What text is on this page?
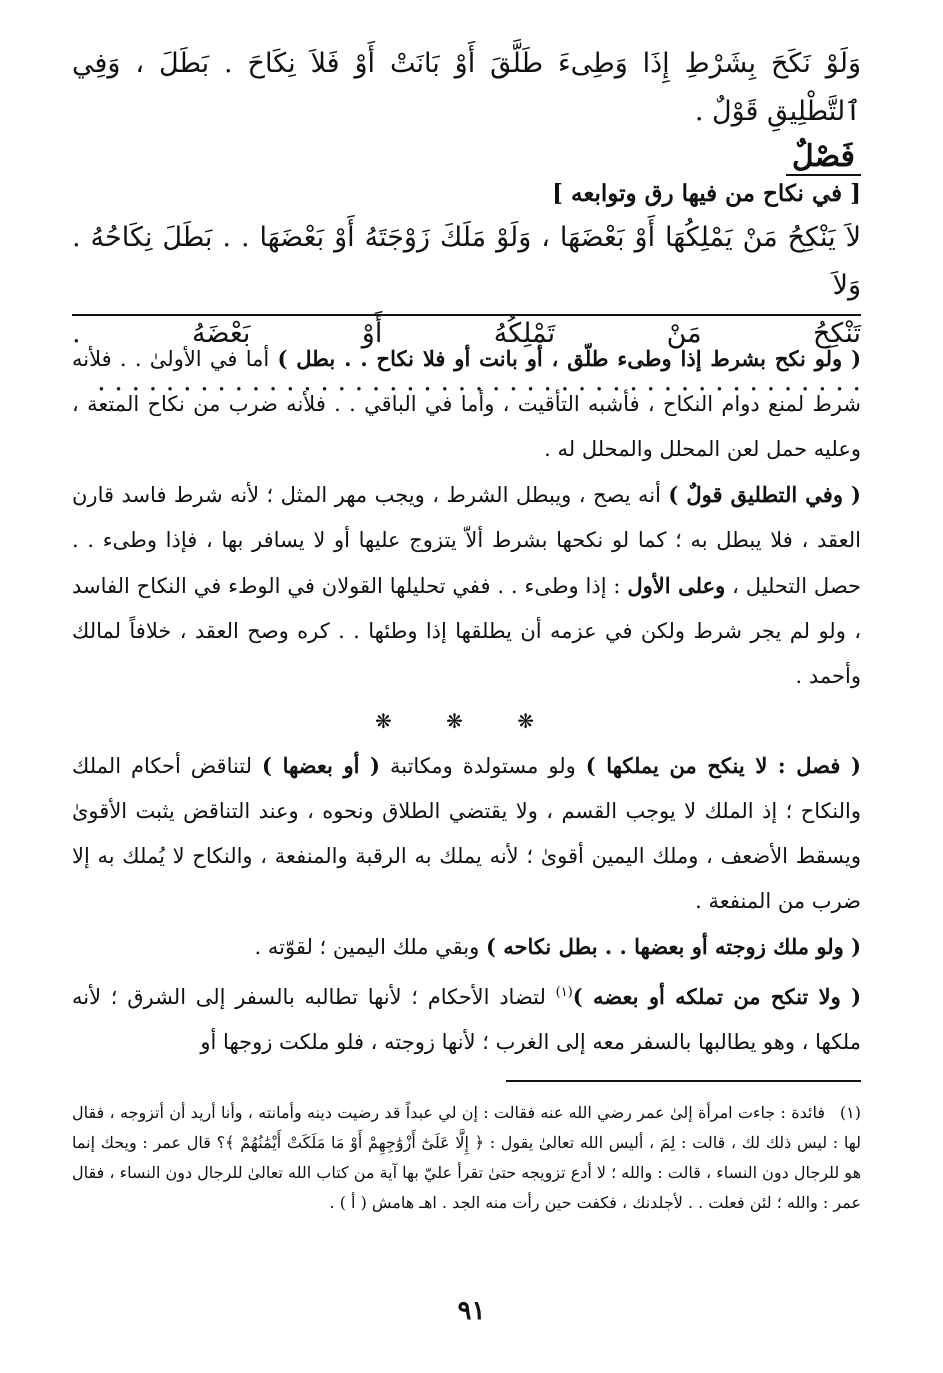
وَلَوْ نَكَحَ بِشَرْطِ إِذَا وَطِىءَ طَلَّقَ أَوْ بَانَتْ أَوْ فَلاَ نِكَاحَ . بَطَلَ ، وَفِي ٱلتَّطْلِيقِ قَوْلٌ .

فَصْلٌ
[ في نكاح من فيها رق وتوابعه ]

لاَ يَنْكِحُ مَنْ يَمْلِكُهَا أَوْ بَعْضَهَا ، وَلَوْ مَلَكَ زَوْجَتَهُ أَوْ بَعْضَهَا . . بَطَلَ نِكَاحُهُ . وَلاَ

تَنْكِحُ مَنْ تَمْلِكُهُ أَوْ بَعْضَهُ . . . . . . . . . . . . . . . . . . . . . . . . . . . . . . . . . . . . . . . . . . . . . .

( ولو نكح بشرط إذا وطىء طلّق ، أو بانت أو فلا نكاح . . بطل ) أما في الأولىٰ . . فلأنه شرط لمنع دوام النكاح ، فأشبه التأقيت ، وأما في الباقي . . فلأنه ضرب من نكاح المتعة ، وعليه حمل لعن المحلل والمحلل له .

( وفي التطليق قولٌ ) أنه يصح ، ويبطل الشرط ، ويجب مهر المثل ؛ لأنه شرط فاسد قارن العقد ، فلا يبطل به ؛ كما لو نكحها بشرط ألاّ يتزوج عليها أو لا يسافر بها ، فإذا وطىء . . حصل التحليل ، وعلى الأول : إذا وطىء . . ففي تحليلها القولان في الوطء في النكاح الفاسد ، ولو لم يجر شرط ولكن في عزمه أن يطلقها إذا وطئها . . كره وصح العقد ، خلافاً لمالك وأحمد .

❋ ❋ ❋

( فصل : لا ينكح من يملكها ) ولو مستولدة ومكاتبة ( أو بعضها ) لتناقض أحكام الملك والنكاح ؛ إذ الملك لا يوجب القسم ، ولا يقتضي الطلاق ونحوه ، وعند التناقض يثبت الأقوىٰ ويسقط الأضعف ، وملك اليمين أقوىٰ ؛ لأنه يملك به الرقبة والمنفعة ، والنكاح لا يُملك به إلا ضرب من المنفعة .

( ولو ملك زوجته أو بعضها . . بطل نكاحه ) وبقي ملك اليمين ؛ لقوّته .

( ولا تنكح من تملكه أو بعضه )$^{(١)}$ لتضاد الأحكام ؛ لأنها تطالبه بالسفر إلى الشرق ؛ لأنه ملكها ، وهو يطالبها بالسفر معه إلى الغرب ؛ لأنها زوجته ، فلو ملكت زوجها أو

(١)فائدة : جاءت امرأة إلىٰ عمر رضي الله عنه فقالت : إن لي عبداً قد رضيت دينه وأمانته ، وأنا أريد أن أتزوجه ، فقال لها : ليس ذلك لك ، قالت : لِمَ ، أليس الله تعالىٰ يقول : ﴿ إِلَّا عَلَىٰٓ أَزْوَٰجِهِمْ أَوْ مَا مَلَكَتْ أَيْمَٰنُهُمْ ﴾؟ قال عمر : ويحك إنما هو للرجال دون النساء ، قالت : والله ؛ لا أدع تزويجه حتىٰ تقرأ عليّ بها آية من كتاب الله تعالىٰ للرجال دون النساء ، فقال عمر : والله ؛ لئن فعلت . . لأجلدنك ، فكفت حين رأت منه الجد . اهـ هامش ( أ ) .
٩١
